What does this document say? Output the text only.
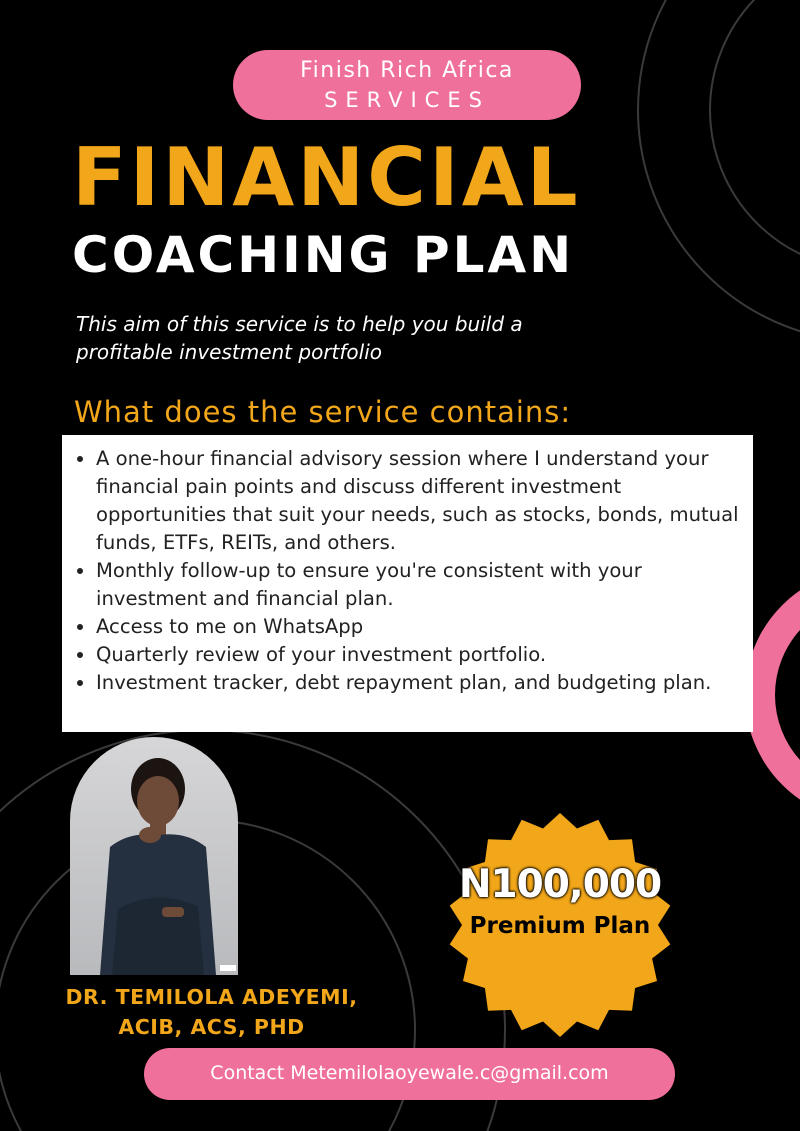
Finish Rich Africa
SERVICES
FINANCIAL
COACHING PLAN
This aim of this service is to help you build a
profitable investment portfolio
What does the service contains:
• A one-hour financial advisory session where I understand your financial pain points and discuss different investment opportunities that suit your needs, such as stocks, bonds, mutual funds, ETFs, REITs, and others.
• Monthly follow-up to ensure you're consistent with your investment and financial plan.
• Access to me on WhatsApp
• Quarterly review of your investment portfolio.
• Investment tracker, debt repayment plan, and budgeting plan.
DR. TEMILOLA ADEYEMI,
ACIB, ACS, PHD
N100,000
Premium Plan
Contact Metemilolaoyewale.c@gmail.com
